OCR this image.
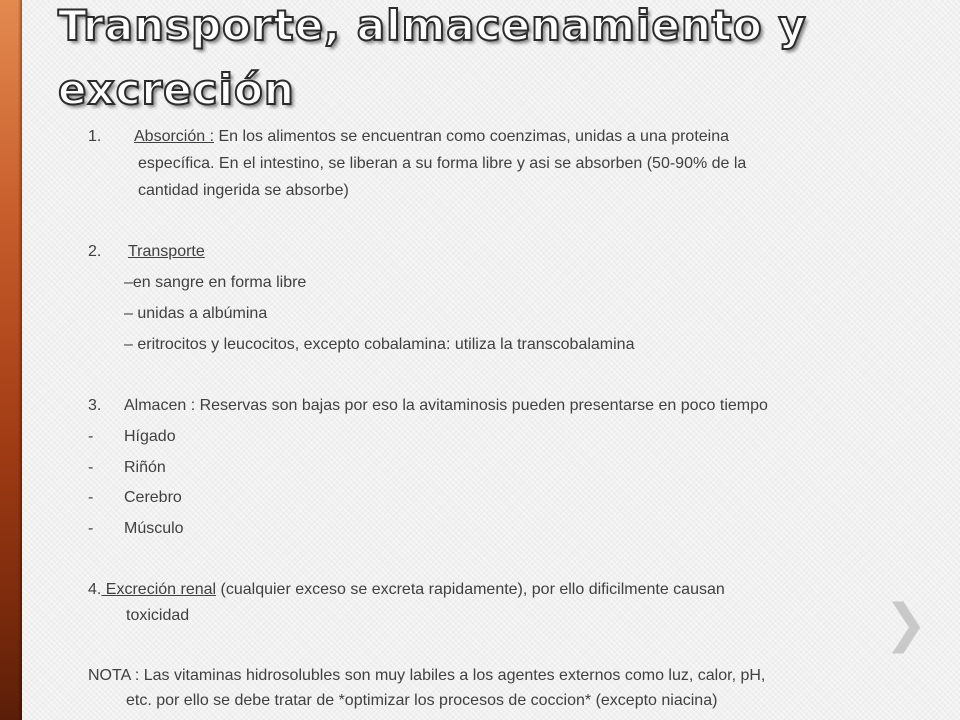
Transporte, almacenamiento y
excreción
1. Absorción : En los alimentos se encuentran como coenzimas, unidas a una proteina
específica. En el intestino, se liberan a su forma libre y asi se absorben (50-90% de la
cantidad ingerida se absorbe)
2. Transporte
–en sangre en forma libre
– unidas a albúmina
– eritrocitos y leucocitos, excepto cobalamina: utiliza la transcobalamina
3. Almacen : Reservas son bajas por eso la avitaminosis pueden presentarse en poco tiempo
- Hígado
- Riñón
- Cerebro
- Músculo
4. Excreción renal (cualquier exceso se excreta rapidamente), por ello dificilmente causan
toxicidad
NOTA : Las vitaminas hidrosolubles son muy labiles a los agentes externos como luz, calor, pH,
etc. por ello se debe tratar de *optimizar los procesos de coccion* (excepto niacina)
❯
